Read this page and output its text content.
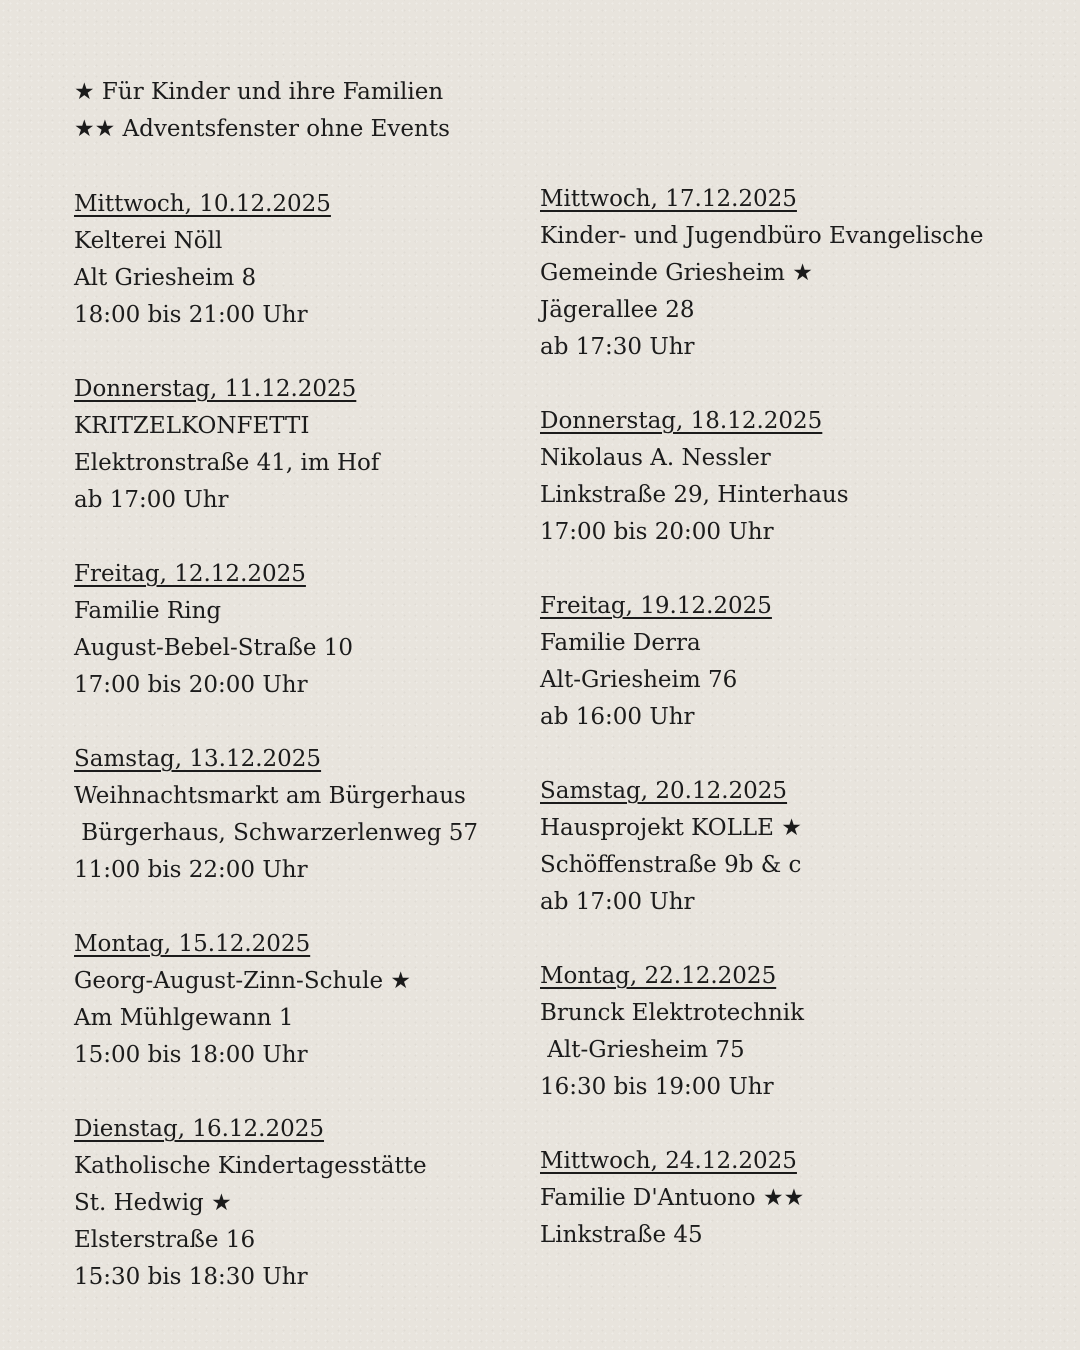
★ Für Kinder und ihre Familien
★★ Adventsfenster ohne Events
Mittwoch, 10.12.2025
Kelterei Nöll
Alt Griesheim 8
18:00 bis 21:00 Uhr
Donnerstag, 11.12.2025
KRITZELKONFETTI
Elektronstraße 41, im Hof
ab 17:00 Uhr
Freitag, 12.12.2025
Familie Ring
August-Bebel-Straße 10
17:00 bis 20:00 Uhr
Samstag, 13.12.2025
Weihnachtsmarkt am Bürgerhaus
Bürgerhaus, Schwarzerlenweg 57
11:00 bis 22:00 Uhr
Montag, 15.12.2025
Georg-August-Zinn-Schule ★
Am Mühlgewann 1
15:00 bis 18:00 Uhr
Dienstag, 16.12.2025
Katholische Kindertagesstätte
St. Hedwig ★
Elsterstraße 16
15:30 bis 18:30 Uhr
Mittwoch, 17.12.2025
Kinder- und Jugendbüro Evangelische
Gemeinde Griesheim ★
Jägerallee 28
ab 17:30 Uhr
Donnerstag, 18.12.2025
Nikolaus A. Nessler
Linkstraße 29, Hinterhaus
17:00 bis 20:00 Uhr
Freitag, 19.12.2025
Familie Derra
Alt-Griesheim 76
ab 16:00 Uhr
Samstag, 20.12.2025
Hausprojekt KOLLE ★
Schöffenstraße 9b & c
ab 17:00 Uhr
Montag, 22.12.2025
Brunck Elektrotechnik
Alt-Griesheim 75
16:30 bis 19:00 Uhr
Mittwoch, 24.12.2025
Familie D'Antuono ★★
Linkstraße 45
